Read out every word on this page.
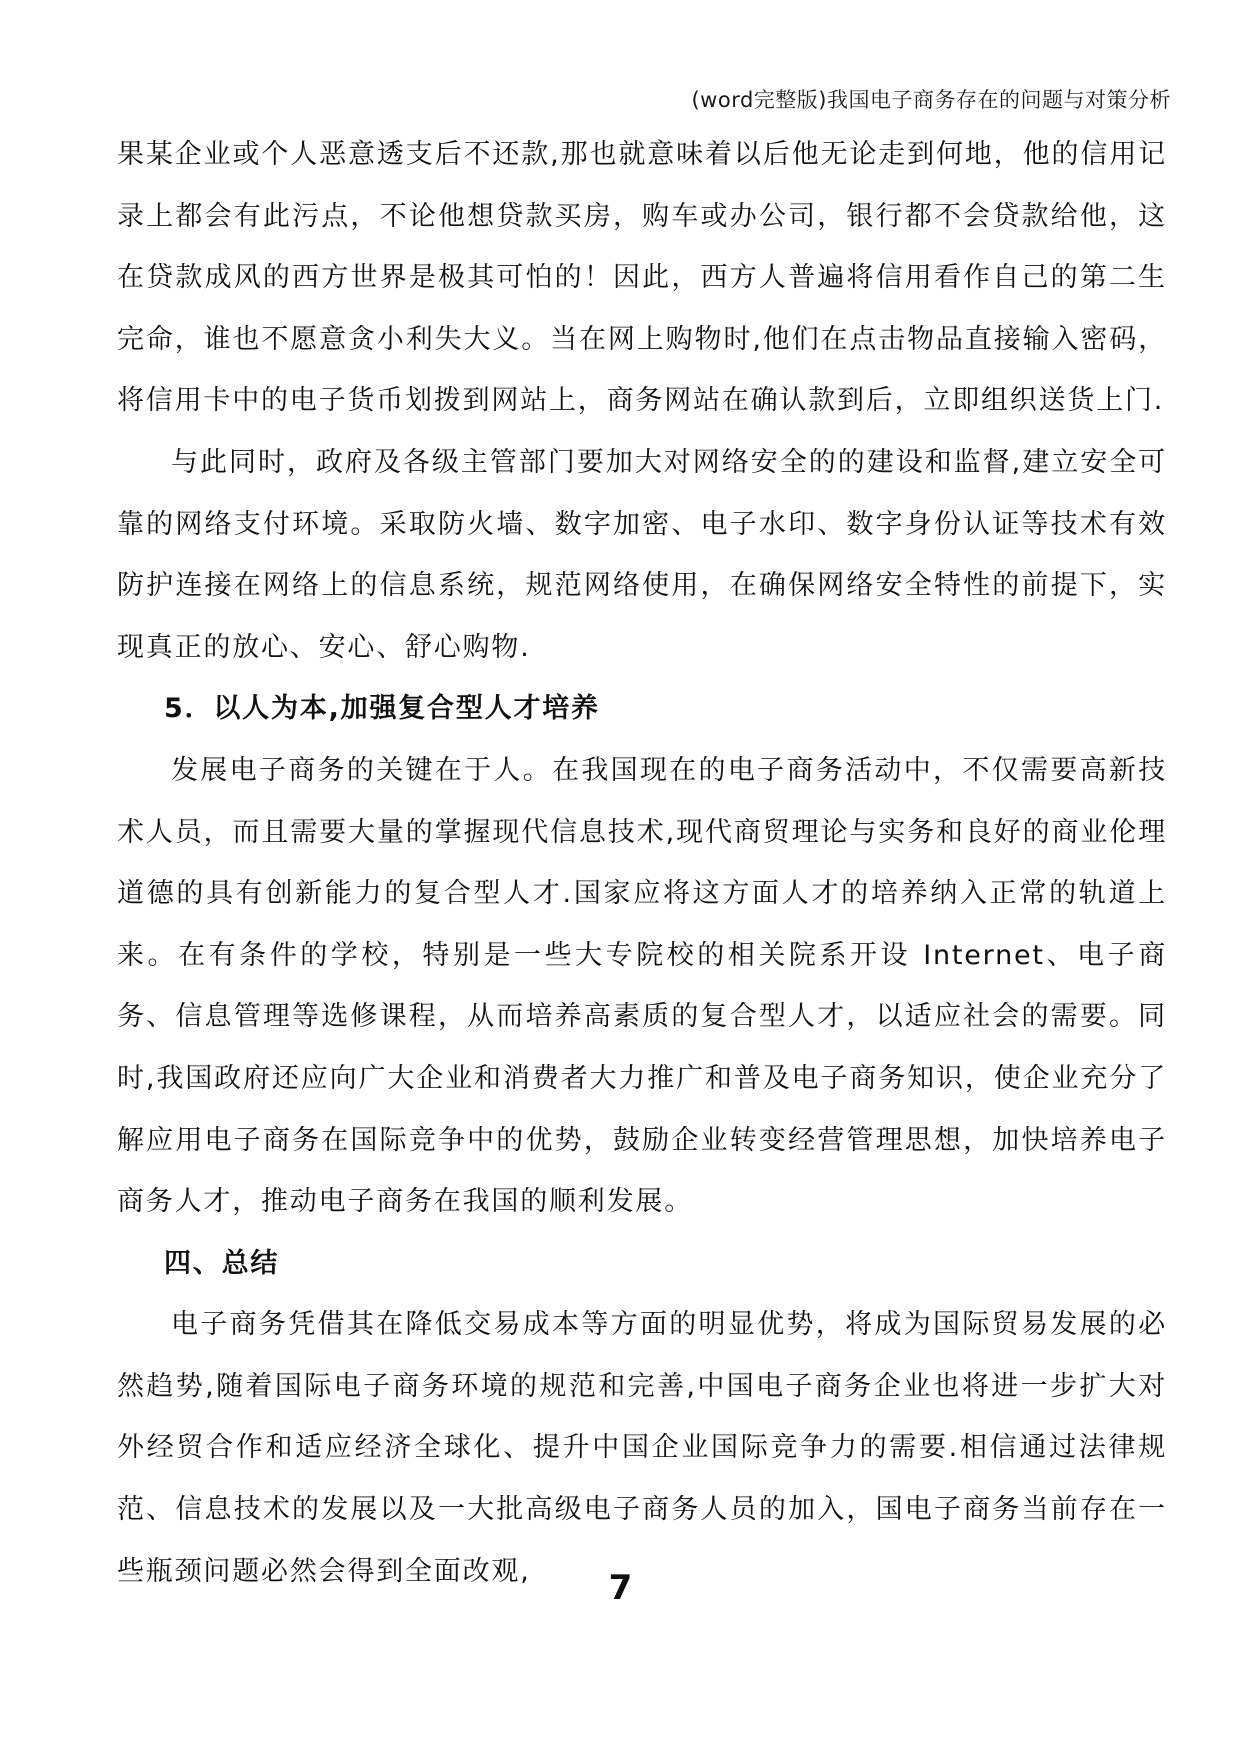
(word完整版)我国电子商务存在的问题与对策分析

果某企业或个人恶意透支后不还款,那也就意味着以后他无论走到何地，他的信用记录上都会有此污点，不论他想贷款买房，购车或办公司，银行都不会贷款给他，这在贷款成风的西方世界是极其可怕的！因此，西方人普遍将信用看作自己的第二生完命，谁也不愿意贪小利失大义。当在网上购物时,他们在点击物品直接输入密码，将信用卡中的电子货币划拨到网站上，商务网站在确认款到后，立即组织送货上门.

与此同时，政府及各级主管部门要加大对网络安全的的建设和监督,建立安全可靠的网络支付环境。采取防火墙、数字加密、电子水印、数字身份认证等技术有效防护连接在网络上的信息系统，规范网络使用，在确保网络安全特性的前提下，实现真正的放心、安心、舒心购物.

5．以人为本,加强复合型人才培养

发展电子商务的关键在于人。在我国现在的电子商务活动中，不仅需要高新技术人员，而且需要大量的掌握现代信息技术,现代商贸理论与实务和良好的商业伦理道德的具有创新能力的复合型人才.国家应将这方面人才的培养纳入正常的轨道上来。在有条件的学校，特别是一些大专院校的相关院系开设 Internet、电子商务、信息管理等选修课程，从而培养高素质的复合型人才，以适应社会的需要。同时,我国政府还应向广大企业和消费者大力推广和普及电子商务知识，使企业充分了解应用电子商务在国际竞争中的优势，鼓励企业转变经营管理思想，加快培养电子商务人才，推动电子商务在我国的顺利发展。

四、总结

电子商务凭借其在降低交易成本等方面的明显优势，将成为国际贸易发展的必然趋势,随着国际电子商务环境的规范和完善,中国电子商务企业也将进一步扩大对外经贸合作和适应经济全球化、提升中国企业国际竞争力的需要.相信通过法律规范、信息技术的发展以及一大批高级电子商务人员的加入，国电子商务当前存在一些瓶颈问题必然会得到全面改观,	7
